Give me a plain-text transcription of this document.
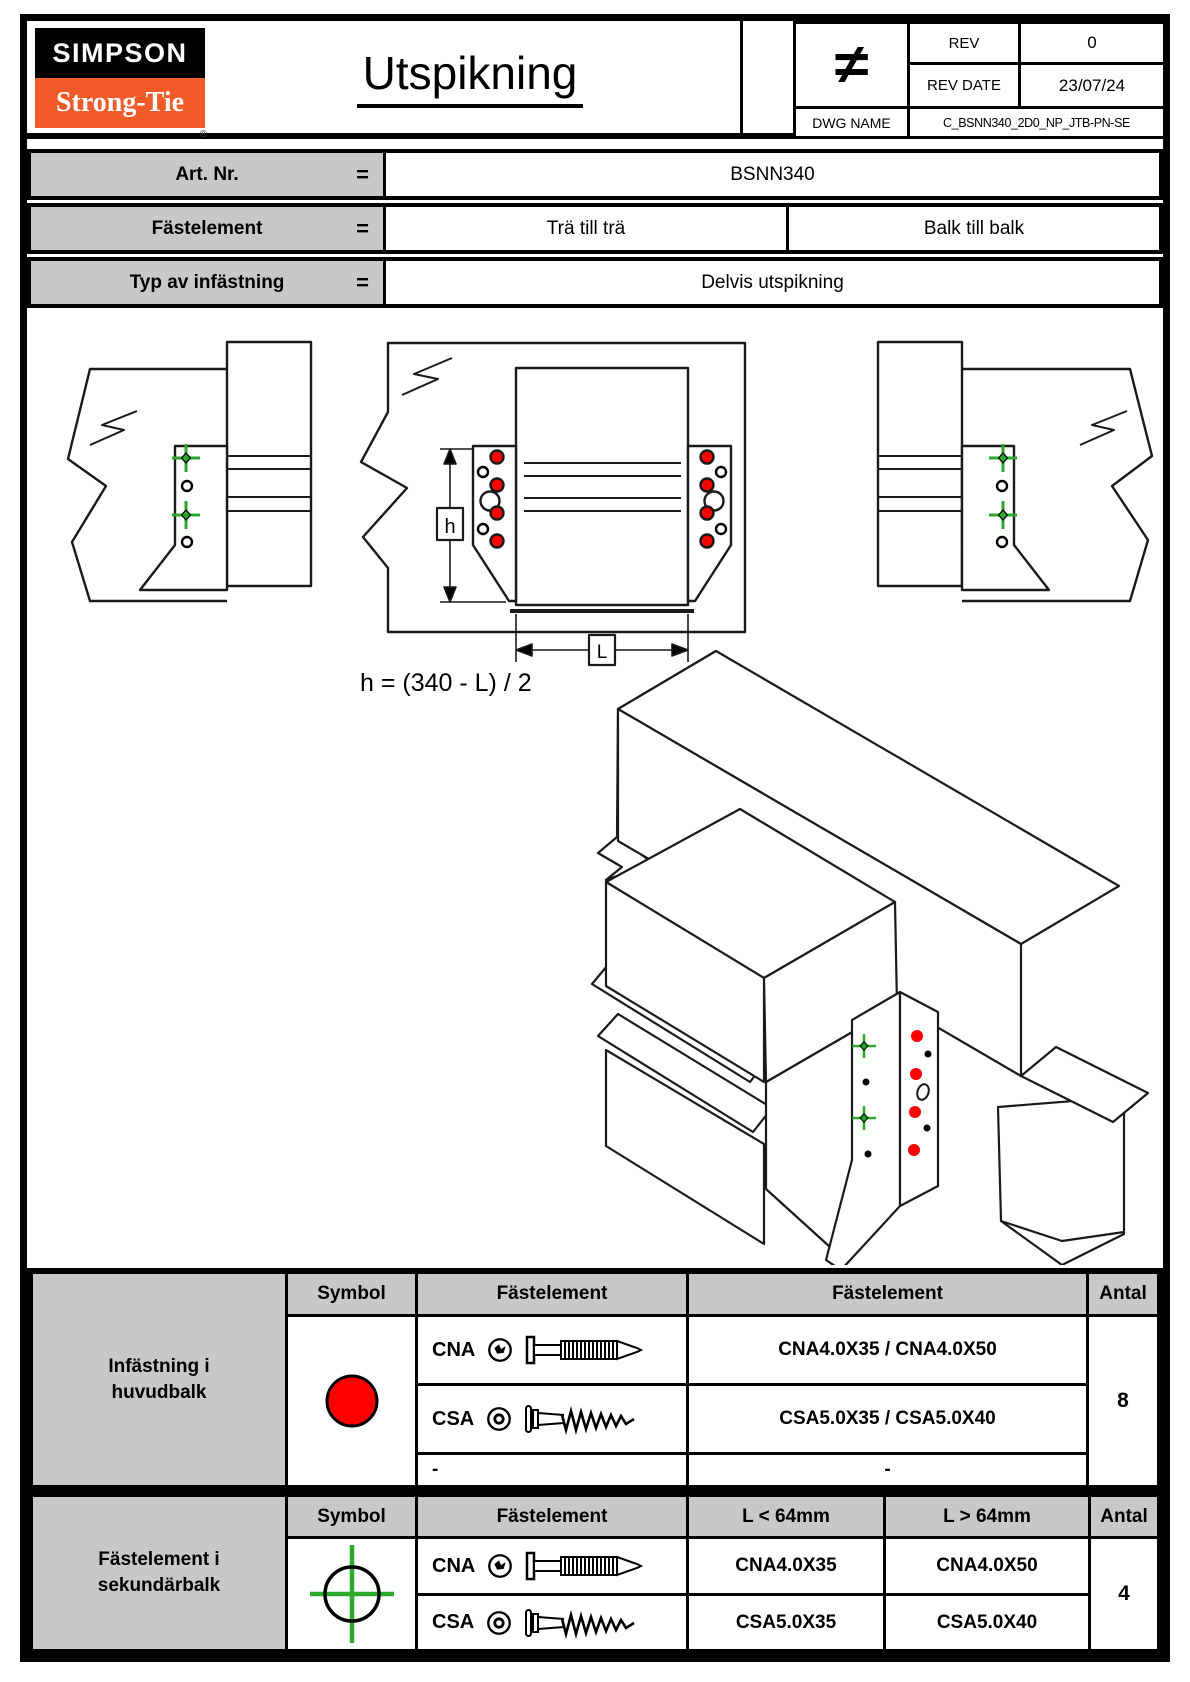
SIMPSON
Strong-Tie
®
Utspikning	≠	REV	0
REV DATE	23/07/24
DWG NAME	C_BSNN340_2D0_NP_JTB-PN-SE
Art. Nr.	=	BSNN340
Fästelement	=	Trä till trä	Balk till balk
Typ av infästning	=	Delvis utspikning
h
L
h = (340 - L) / 2
Infästning i
huvudbalk
Symbol	Fästelement	Fästelement	Antal
CNA	CNA4.0X35 / CNA4.0X50
8
CSA	CSA5.0X35 / CSA5.0X40
-	-
Fästelement i
sekundärbalk
Symbol	Fästelement	L < 64mm	L > 64mm	Antal
CNA	CNA4.0X35	CNA4.0X50
4
CSA	CSA5.0X35	CSA5.0X40
